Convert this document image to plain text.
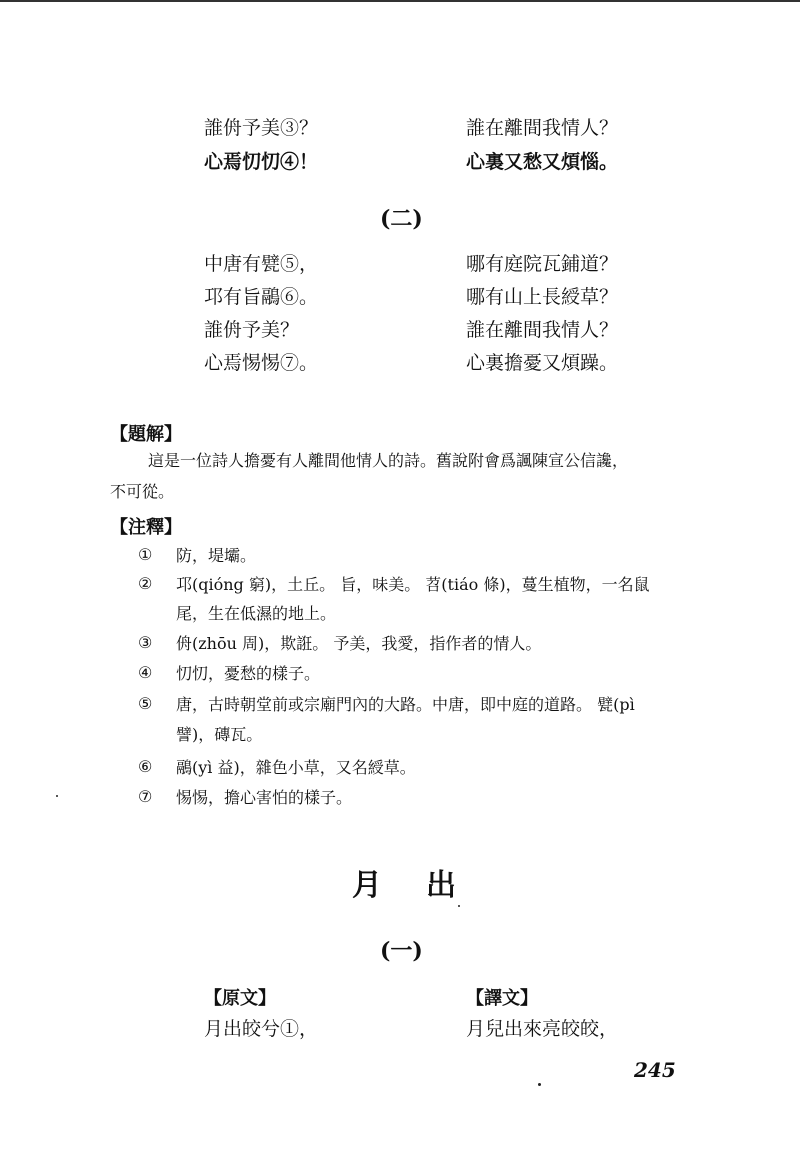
誰侜予美③？
心焉忉忉④！
誰在離間我情人？
心裏又愁又煩惱。
(二)
中唐有甓⑤，
邛有旨鷊⑥。
誰侜予美？
心焉惕惕⑦。
哪有庭院瓦鋪道？
哪有山上長綬草？
誰在離間我情人？
心裏擔憂又煩躁。
【題解】
這是一位詩人擔憂有人離間他情人的詩。舊說附會爲諷陳宣公信讒，
不可從。
【注釋】
① 防，堤壩。
② 邛(qióng 窮)，土丘。 旨，味美。 苕(tiáo 條)，蔓生植物，一名鼠
尾，生在低濕的地上。
③ 侜(zhōu 周)，欺誑。 予美，我愛，指作者的情人。
④ 忉忉，憂愁的樣子。
⑤ 唐，古時朝堂前或宗廟門內的大路。中唐，即中庭的道路。 甓(pì
譬)，磚瓦。
⑥ 鷊(yì 益)，雜色小草，又名綬草。
⑦ 惕惕，擔心害怕的樣子。
月 出
(一)
【原文】	【譯文】
月出皎兮①，	月兒出來亮皎皎，
245
